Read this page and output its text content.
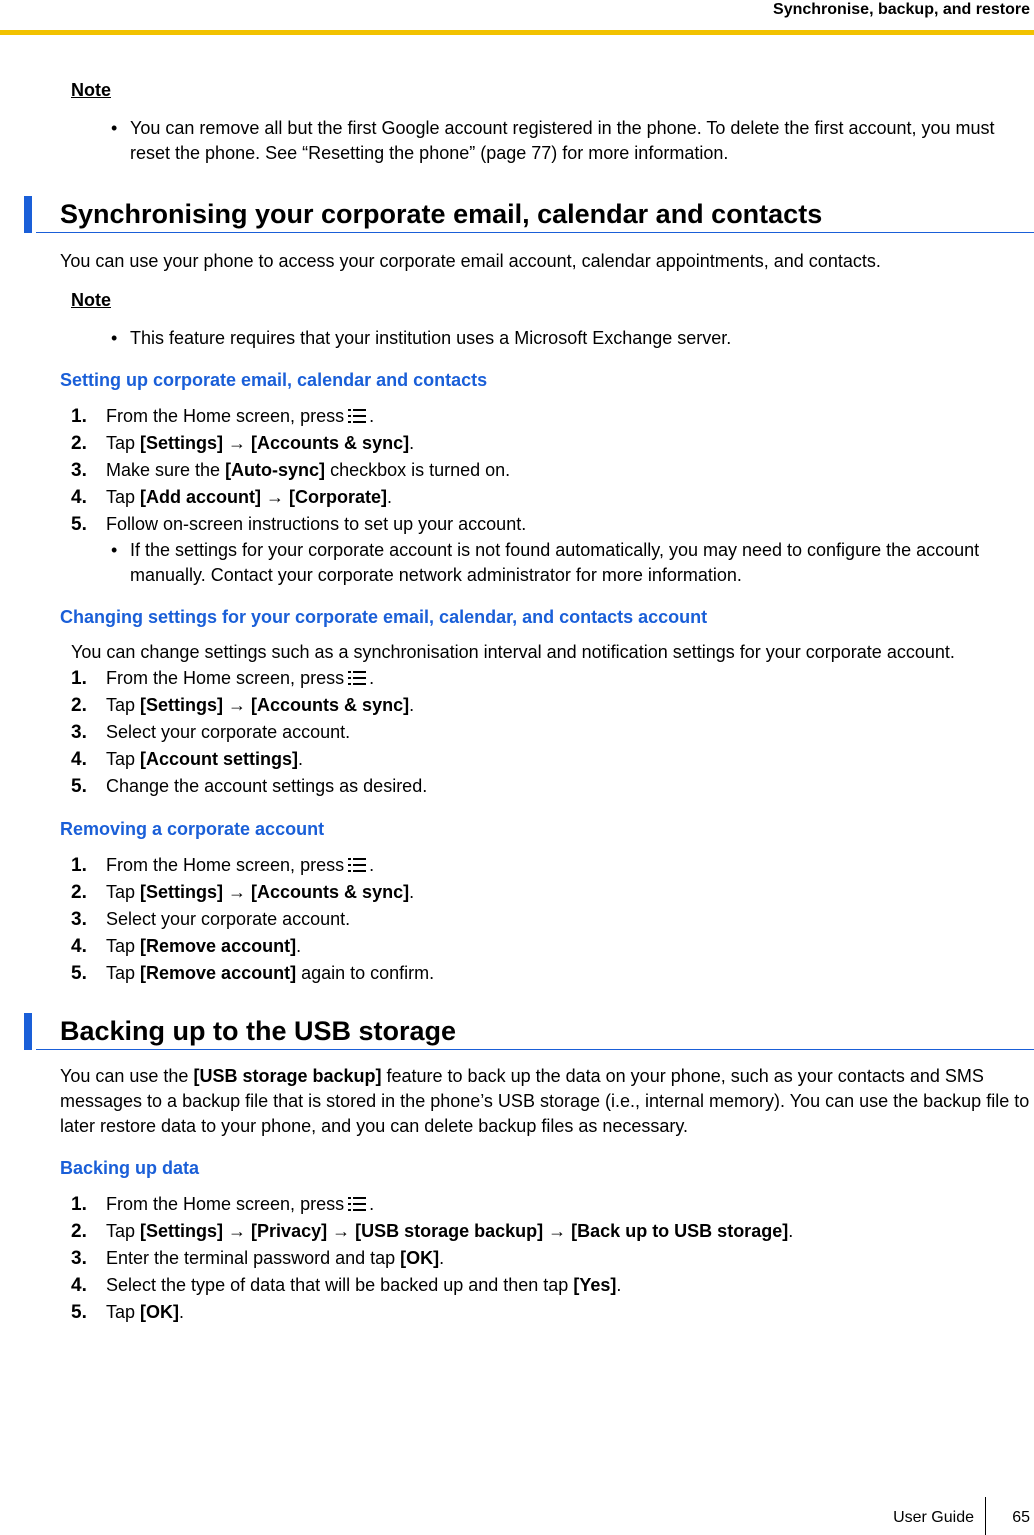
Synchronise, backup, and restore
Note
• You can remove all but the first Google account registered in the phone. To delete the first account, you must reset the phone. See “Resetting the phone” (page 77) for more information.
Synchronising your corporate email, calendar and contacts
You can use your phone to access your corporate email account, calendar appointments, and contacts.
Note
• This feature requires that your institution uses a Microsoft Exchange server.
Setting up corporate email, calendar and contacts
1. From the Home screen, press .
2. Tap [Settings] → [Accounts & sync].
3. Make sure the [Auto-sync] checkbox is turned on.
4. Tap [Add account] → [Corporate].
5. Follow on-screen instructions to set up your account.
• If the settings for your corporate account is not found automatically, you may need to configure the account manually. Contact your corporate network administrator for more information.
Changing settings for your corporate email, calendar, and contacts account
You can change settings such as a synchronisation interval and notification settings for your corporate account.
1. From the Home screen, press .
2. Tap [Settings] → [Accounts & sync].
3. Select your corporate account.
4. Tap [Account settings].
5. Change the account settings as desired.
Removing a corporate account
1. From the Home screen, press .
2. Tap [Settings] → [Accounts & sync].
3. Select your corporate account.
4. Tap [Remove account].
5. Tap [Remove account] again to confirm.
Backing up to the USB storage
You can use the [USB storage backup] feature to back up the data on your phone, such as your contacts and SMS messages to a backup file that is stored in the phone’s USB storage (i.e., internal memory). You can use the backup file to later restore data to your phone, and you can delete backup files as necessary.
Backing up data
1. From the Home screen, press .
2. Tap [Settings] → [Privacy] → [USB storage backup] → [Back up to USB storage].
3. Enter the terminal password and tap [OK].
4. Select the type of data that will be backed up and then tap [Yes].
5. Tap [OK].
User Guide 65
